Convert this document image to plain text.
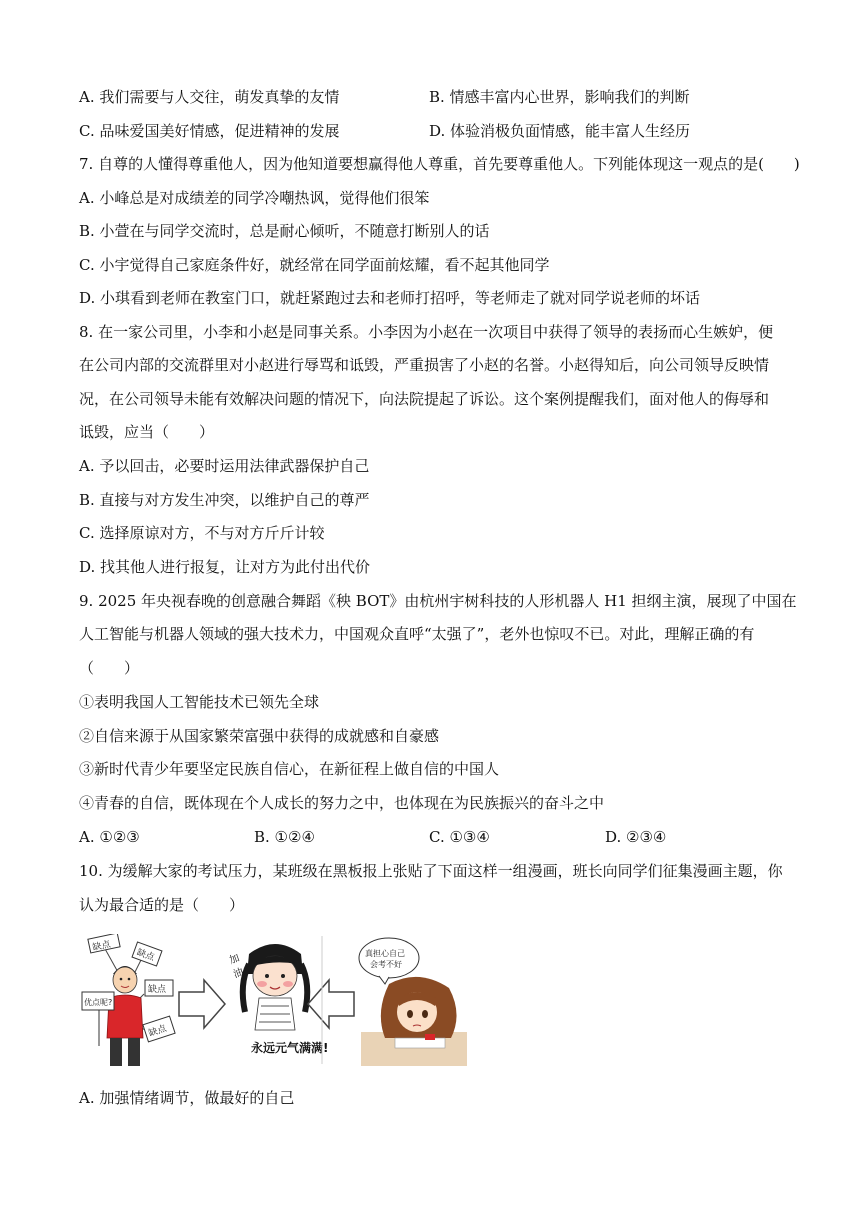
A. 我们需要与人交往，萌发真挚的友情	B. 情感丰富内心世界，影响我们的判断
C. 品味爱国美好情感，促进精神的发展	D. 体验消极负面情感，能丰富人生经历
7. 自尊的人懂得尊重他人，因为他知道要想赢得他人尊重，首先要尊重他人。下列能体现这一观点的是(　　)
A. 小峰总是对成绩差的同学冷嘲热讽，觉得他们很笨
B. 小萱在与同学交流时，总是耐心倾听，不随意打断别人的话
C. 小宇觉得自己家庭条件好，就经常在同学面前炫耀，看不起其他同学
D. 小琪看到老师在教室门口，就赶紧跑过去和老师打招呼，等老师走了就对同学说老师的坏话
8. 在一家公司里，小李和小赵是同事关系。小李因为小赵在一次项目中获得了领导的表扬而心生嫉妒，便
在公司内部的交流群里对小赵进行辱骂和诋毁，严重损害了小赵的名誉。小赵得知后，向公司领导反映情
况，在公司领导未能有效解决问题的情况下，向法院提起了诉讼。这个案例提醒我们，面对他人的侮辱和
诋毁，应当（　　）
A. 予以回击，必要时运用法律武器保护自己
B. 直接与对方发生冲突，以维护自己的尊严
C. 选择原谅对方，不与对方斤斤计较
D. 找其他人进行报复，让对方为此付出代价
9. 2025 年央视春晚的创意融合舞蹈《秧 BOT》由杭州宇树科技的人形机器人 H1 担纲主演，展现了中国在
人工智能与机器人领域的强大技术力，中国观众直呼“太强了”，老外也惊叹不已。对此，理解正确的有
（　　）
①表明我国人工智能技术已领先全球
②自信来源于从国家繁荣富强中获得的成就感和自豪感
③新时代青少年要坚定民族自信心，在新征程上做自信的中国人
④青春的自信，既体现在个人成长的努力之中，也体现在为民族振兴的奋斗之中
A. ①②③	B. ①②④	C. ①③④	D. ②③④
10. 为缓解大家的考试压力，某班级在黑板报上张贴了下面这样一组漫画，班长向同学们征集漫画主题，你
认为最合适的是（　　）
缺点
缺点
缺点
缺点
优点呢?
加
油
永远元气满满!
真担心自己
会考不好
A. 加强情绪调节，做最好的自己
